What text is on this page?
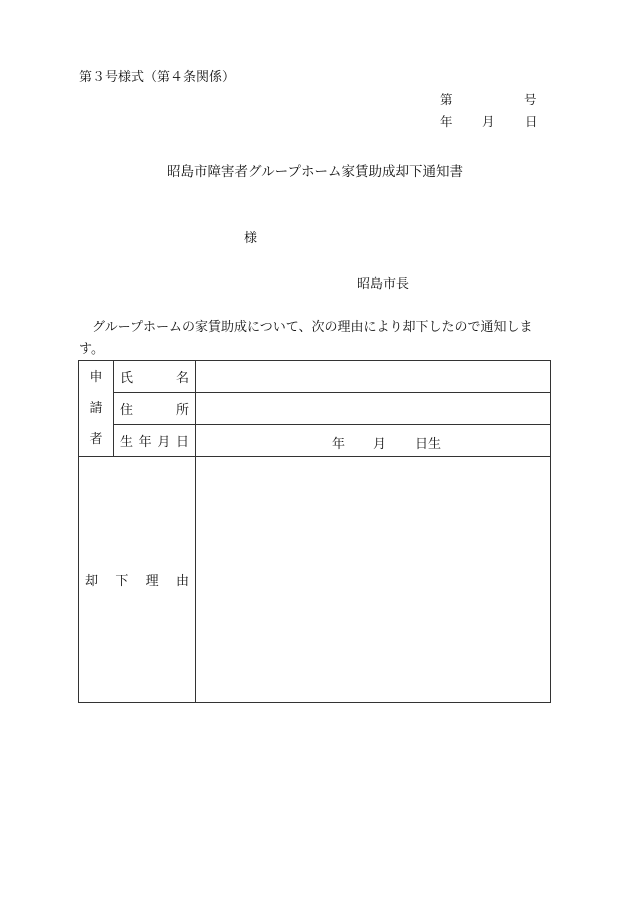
第３号様式（第４条関係）
第	号
年 月 日
昭島市障害者グループホーム家賃助成却下通知書
様
昭島市長
グループホームの家賃助成について、次の理由により却下したので通知します。
申
請
者	氏 名	

	住 所	

	生 年 月 日	年 月 日生

却 下 理 由		
